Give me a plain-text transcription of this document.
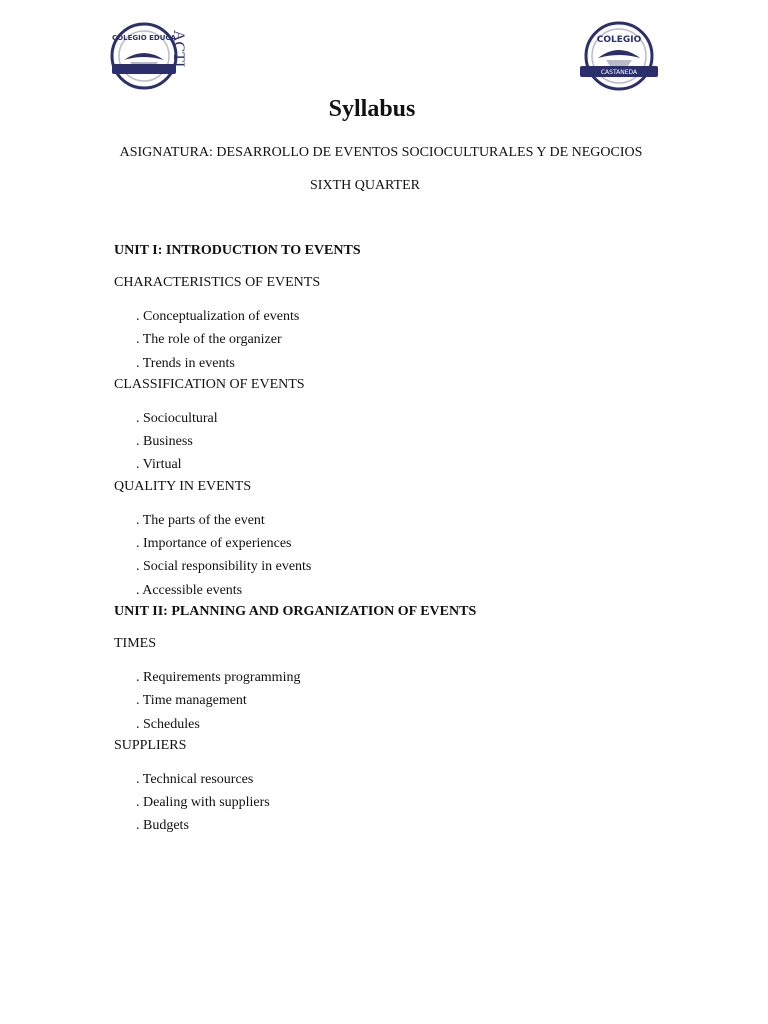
COLEGIO EDUCA
ACTI	COLEGIO
CASTANEDA
Syllabus
ASIGNATURA: DESARROLLO DE EVENTOS SOCIOCULTURALES Y DE NEGOCIOS
SIXTH QUARTER

UNIT I: INTRODUCTION TO EVENTS

CHARACTERISTICS OF EVENTS

. Conceptualization of events
. The role of the organizer
. Trends in events

CLASSIFICATION OF EVENTS

. Sociocultural
. Business
. Virtual

QUALITY IN EVENTS

. The parts of the event
. Importance of experiences
. Social responsibility in events
. Accessible events

UNIT II: PLANNING AND ORGANIZATION OF EVENTS

TIMES

. Requirements programming
. Time management
. Schedules

SUPPLIERS

. Technical resources
. Dealing with suppliers
. Budgets
